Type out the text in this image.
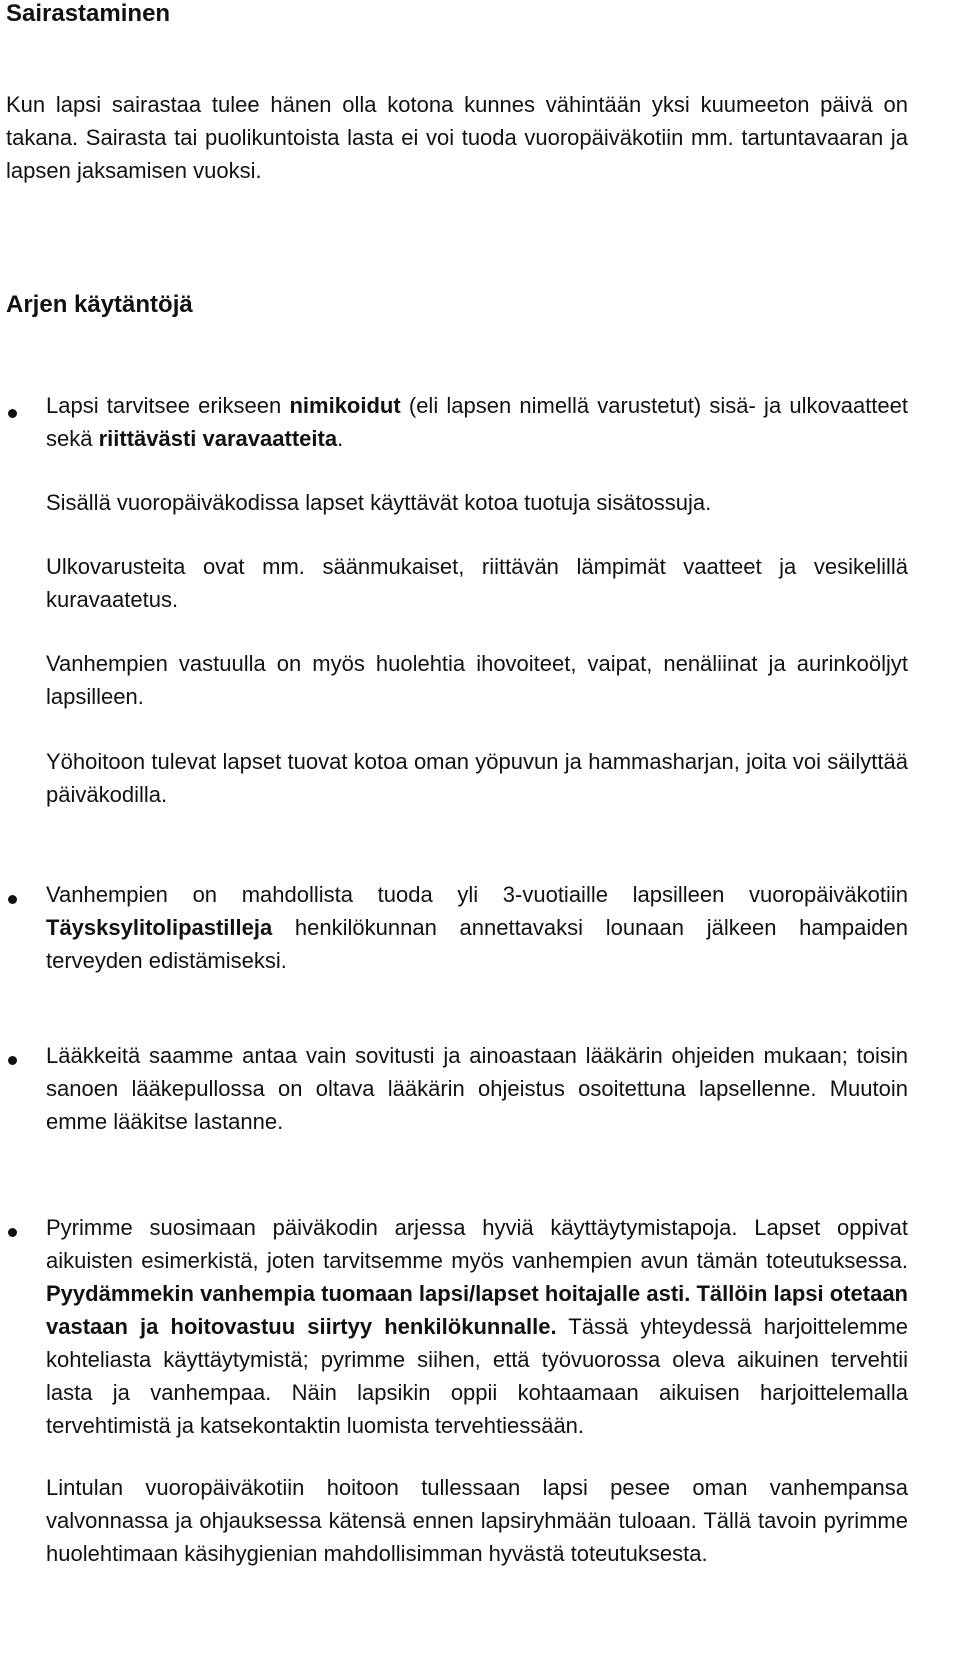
Sairastaminen

Kun lapsi sairastaa tulee hänen olla kotona kunnes vähintään yksi kuumeeton päivä on takana. Sairasta tai puolikuntoista lasta ei voi tuoda vuoropäiväkotiin mm. tartuntavaaran ja lapsen jaksamisen vuoksi.

Arjen käytäntöjä

Lapsi tarvitsee erikseen nimikoidut (eli lapsen nimellä varustetut) sisä- ja ulkovaatteet sekä riittävästi varavaatteita.

Sisällä vuoropäiväkodissa lapset käyttävät kotoa tuotuja sisätossuja.

Ulkovarusteita ovat mm. säänmukaiset, riittävän lämpimät vaatteet ja vesikelillä kuravaatetus.

Vanhempien vastuulla on myös huolehtia ihovoiteet, vaipat, nenäliinat ja aurinkoöljyt lapsilleen.

Yöhoitoon tulevat lapset tuovat kotoa oman yöpuvun ja hammasharjan, joita voi säilyttää päiväkodilla.

Vanhempien on mahdollista tuoda yli 3-vuotiaille lapsilleen vuoropäiväkotiin Täysksylitolipastilleja henkilökunnan annettavaksi lounaan jälkeen hampaiden terveyden edistämiseksi.

Lääkkeitä saamme antaa vain sovitusti ja ainoastaan lääkärin ohjeiden mukaan; toisin sanoen lääkepullossa on oltava lääkärin ohjeistus osoitettuna lapsellenne. Muutoin emme lääkitse lastanne.

Pyrimme suosimaan päiväkodin arjessa hyviä käyttäytymistapoja. Lapset oppivat aikuisten esimerkistä, joten tarvitsemme myös vanhempien avun tämän toteutuksessa. Pyydämmekin vanhempia tuomaan lapsi/lapset hoitajalle asti. Tällöin lapsi otetaan vastaan ja hoitovastuu siirtyy henkilökunnalle. Tässä yhteydessä harjoittelemme kohteliasta käyttäytymistä; pyrimme siihen, että työvuorossa oleva aikuinen tervehtii lasta ja vanhempaa. Näin lapsikin oppii kohtaamaan aikuisen harjoittelemalla tervehtimistä ja katsekontaktin luomista tervehtiessään.

Lintulan vuoropäiväkotiin hoitoon tullessaan lapsi pesee oman vanhempansa valvonnassa ja ohjauksessa kätensä ennen lapsiryhmään tuloaan. Tällä tavoin pyrimme huolehtimaan käsihygienian mahdollisimman hyvästä toteutuksesta.
